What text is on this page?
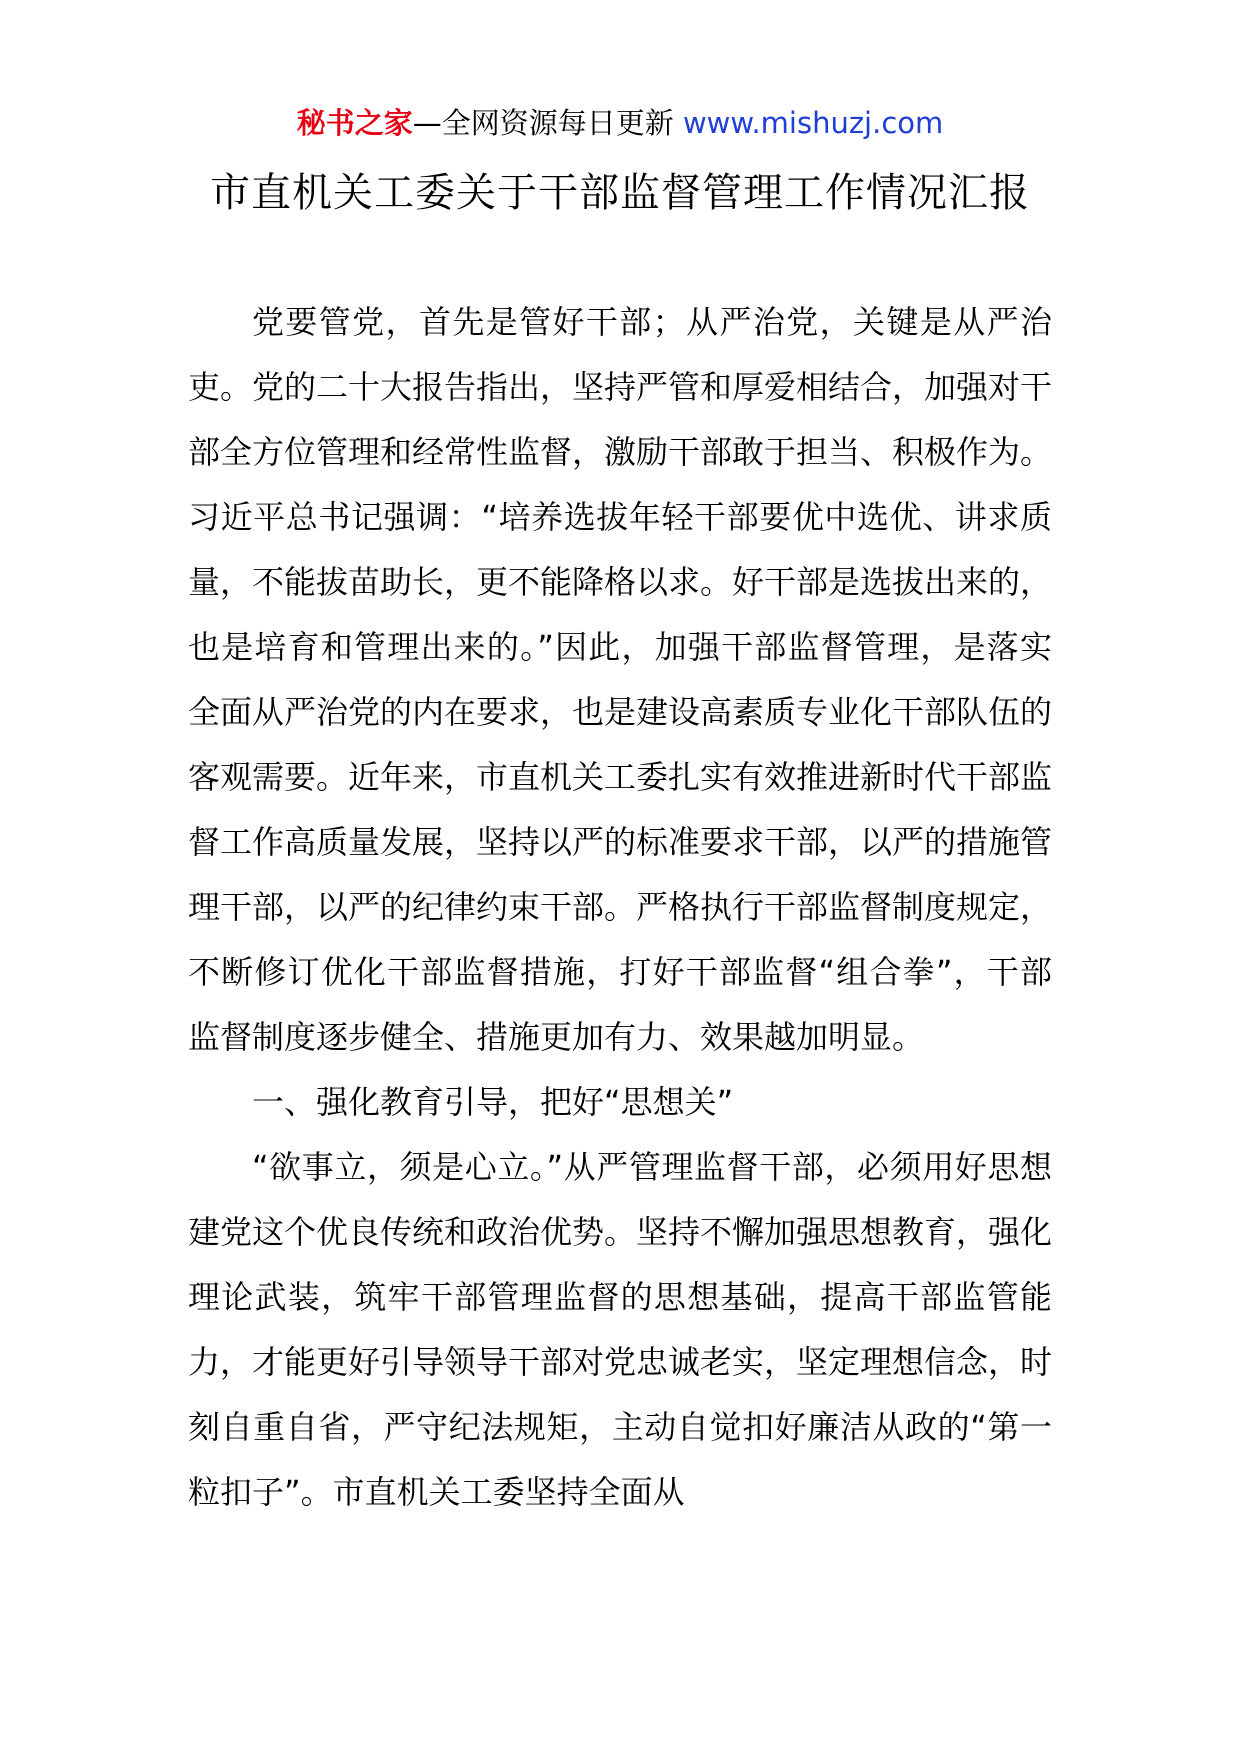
秘书之家—全网资源每日更新 www.mishuzj.com
市直机关工委关于干部监督管理工作情况汇报

党要管党，首先是管好干部；从严治党，关键是从严治吏。党的二十大报告指出，坚持严管和厚爱相结合，加强对干部全方位管理和经常性监督，激励干部敢于担当、积极作为。习近平总书记强调：“培养选拔年轻干部要优中选优、讲求质量，不能拔苗助长，更不能降格以求。好干部是选拔出来的，也是培育和管理出来的。”因此，加强干部监督管理，是落实全面从严治党的内在要求，也是建设高素质专业化干部队伍的客观需要。近年来，市直机关工委扎实有效推进新时代干部监督工作高质量发展，坚持以严的标准要求干部，以严的措施管理干部，以严的纪律约束干部。严格执行干部监督制度规定，不断修订优化干部监督措施，打好干部监督“组合拳”，干部监督制度逐步健全、措施更加有力、效果越加明显。

一、强化教育引导，把好“思想关”

“欲事立，须是心立。”从严管理监督干部，必须用好思想建党这个优良传统和政治优势。坚持不懈加强思想教育，强化理论武装，筑牢干部管理监督的思想基础，提高干部监管能力，才能更好引导领导干部对党忠诚老实，坚定理想信念，时刻自重自省，严守纪法规矩，主动自觉扣好廉洁从政的“第一粒扣子”。市直机关工委坚持全面从
